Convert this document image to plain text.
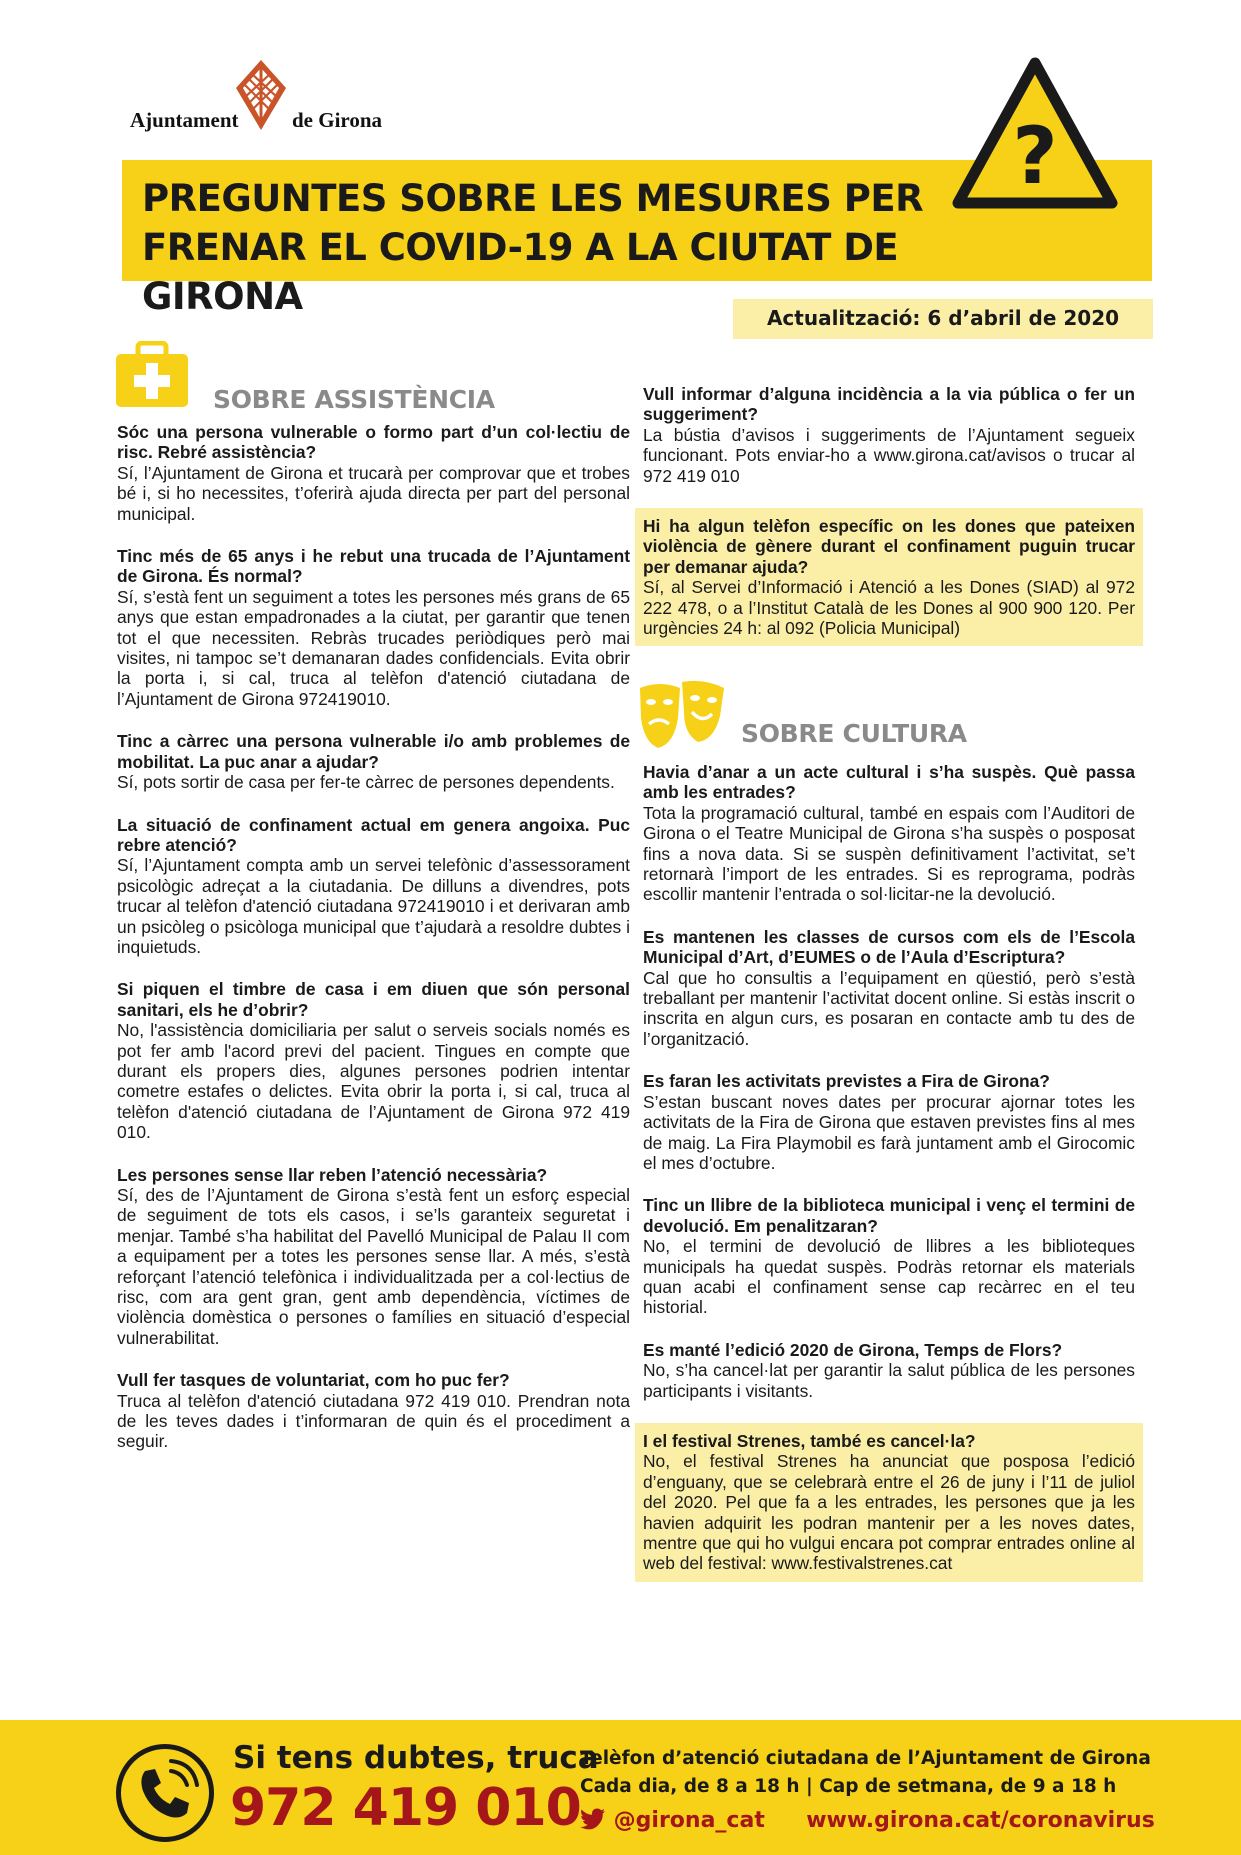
Ajuntament	de Girona
PREGUNTES SOBRE LES MESURES PER
FRENAR EL COVID-19 A LA CIUTAT DE GIRONA
?
Actualització: 6 d’abril de 2020
SOBRE ASSISTÈNCIA
Sóc una persona vulnerable o formo part d’un col·lectiu de risc. Rebré assistència?
Sí, l’Ajuntament de Girona et trucarà per comprovar que et trobes bé i, si ho necessites, t’oferirà ajuda directa per part del personal municipal.
Tinc més de 65 anys i he rebut una trucada de l’Ajuntament de Girona. És normal?
Sí, s’està fent un seguiment a totes les persones més grans de 65 anys que estan empadronades a la ciutat, per garantir que tenen tot el que necessiten. Rebràs trucades periòdiques però mai visites, ni tampoc se’t demanaran dades confidencials. Evita obrir la porta i, si cal, truca al telèfon d'atenció ciutadana de l’Ajuntament de Girona 972419010.
Tinc a càrrec una persona vulnerable i/o amb problemes de mobilitat. La puc anar a ajudar?
Sí, pots sortir de casa per fer-te càrrec de persones dependents.
La situació de confinament actual em genera angoixa. Puc rebre atenció?
Sí, l’Ajuntament compta amb un servei telefònic d’assessorament psicològic adreçat a la ciutadania. De dilluns a divendres, pots trucar al telèfon d'atenció ciutadana 972419010 i et derivaran amb un psicòleg o psicòloga municipal que t’ajudarà a resoldre dubtes i inquietuds.
Si piquen el timbre de casa i em diuen que són personal sanitari, els he d’obrir?
No, l'assistència domiciliaria per salut o serveis socials només es pot fer amb l'acord previ del pacient. Tingues en compte que durant els propers dies, algunes persones podrien intentar cometre estafes o delictes. Evita obrir la porta i, si cal, truca al telèfon d'atenció ciutadana de l’Ajuntament de Girona 972 419 010.
Les persones sense llar reben l’atenció necessària?
Sí, des de l’Ajuntament de Girona s’està fent un esforç especial de seguiment de tots els casos, i se’ls garanteix seguretat i menjar. També s’ha habilitat del Pavelló Municipal de Palau II com a equipament per a totes les persones sense llar. A més, s’està reforçant l’atenció telefònica i individualitzada per a col·lectius de risc, com ara gent gran, gent amb dependència, víctimes de violència domèstica o persones o famílies en situació d’especial vulnerabilitat.
Vull fer tasques de voluntariat, com ho puc fer?
Truca al telèfon d'atenció ciutadana 972 419 010. Prendran nota de les teves dades i t’informaran de quin és el procediment a seguir.
Vull informar d’alguna incidència a la via pública o fer un suggeriment?
La bústia d’avisos i suggeriments de l’Ajuntament segueix funcionant. Pots enviar-ho a www.girona.cat/avisos o trucar al 972 419 010
Hi ha algun telèfon específic on les dones que pateixen violència de gènere durant el confinament puguin trucar per demanar ajuda?
Sí, al Servei d’Informació i Atenció a les Dones (SIAD) al 972 222 478, o a l’Institut Català de les Dones al 900 900 120. Per urgències 24 h: al 092 (Policia Municipal)
SOBRE CULTURA
Havia d’anar a un acte cultural i s’ha suspès. Què passa amb les entrades?
Tota la programació cultural, també en espais com l’Auditori de Girona o el Teatre Municipal de Girona s’ha suspès o posposat fins a nova data. Si se suspèn definitivament l’activitat, se’t retornarà l’import de les entrades. Si es reprograma, podràs escollir mantenir l’entrada o sol·licitar-ne la devolució.
Es mantenen les classes de cursos com els de l’Escola Municipal d’Art, d’EUMES o de l’Aula d’Escriptura?
Cal que ho consultis a l’equipament en qüestió, però s’està treballant per mantenir l’activitat docent online. Si estàs inscrit o inscrita en algun curs, es posaran en contacte amb tu des de l’organització.
Es faran les activitats previstes a Fira de Girona?
S’estan buscant noves dates per procurar ajornar totes les activitats de la Fira de Girona que estaven previstes fins al mes de maig. La Fira Playmobil es farà juntament amb el Girocomic el mes d’octubre.
Tinc un llibre de la biblioteca municipal i venç el termini de devolució. Em penalitzaran?
No, el termini de devolució de llibres a les biblioteques municipals ha quedat suspès. Podràs retornar els materials quan acabi el confinament sense cap recàrrec en el teu historial.
Es manté l’edició 2020 de Girona, Temps de Flors?
No, s’ha cancel·lat per garantir la salut pública de les persones participants i visitants.
I el festival Strenes, també es cancel·la?
No, el festival Strenes ha anunciat que posposa l’edició d’enguany, que se celebrarà entre el 26 de juny i l’11 de juliol del 2020. Pel que fa a les entrades, les persones que ja les havien adquirit les podran mantenir per a les noves dates, mentre que qui ho vulgui encara pot comprar entrades online al web del festival: www.festivalstrenes.cat
Si tens dubtes, truca
972 419 010
Telèfon d’atenció ciutadana de l’Ajuntament de Girona
Cada dia, de 8 a 18 h | Cap de setmana, de 9 a 18 h
@girona_cat www.girona.cat/coronavirus
